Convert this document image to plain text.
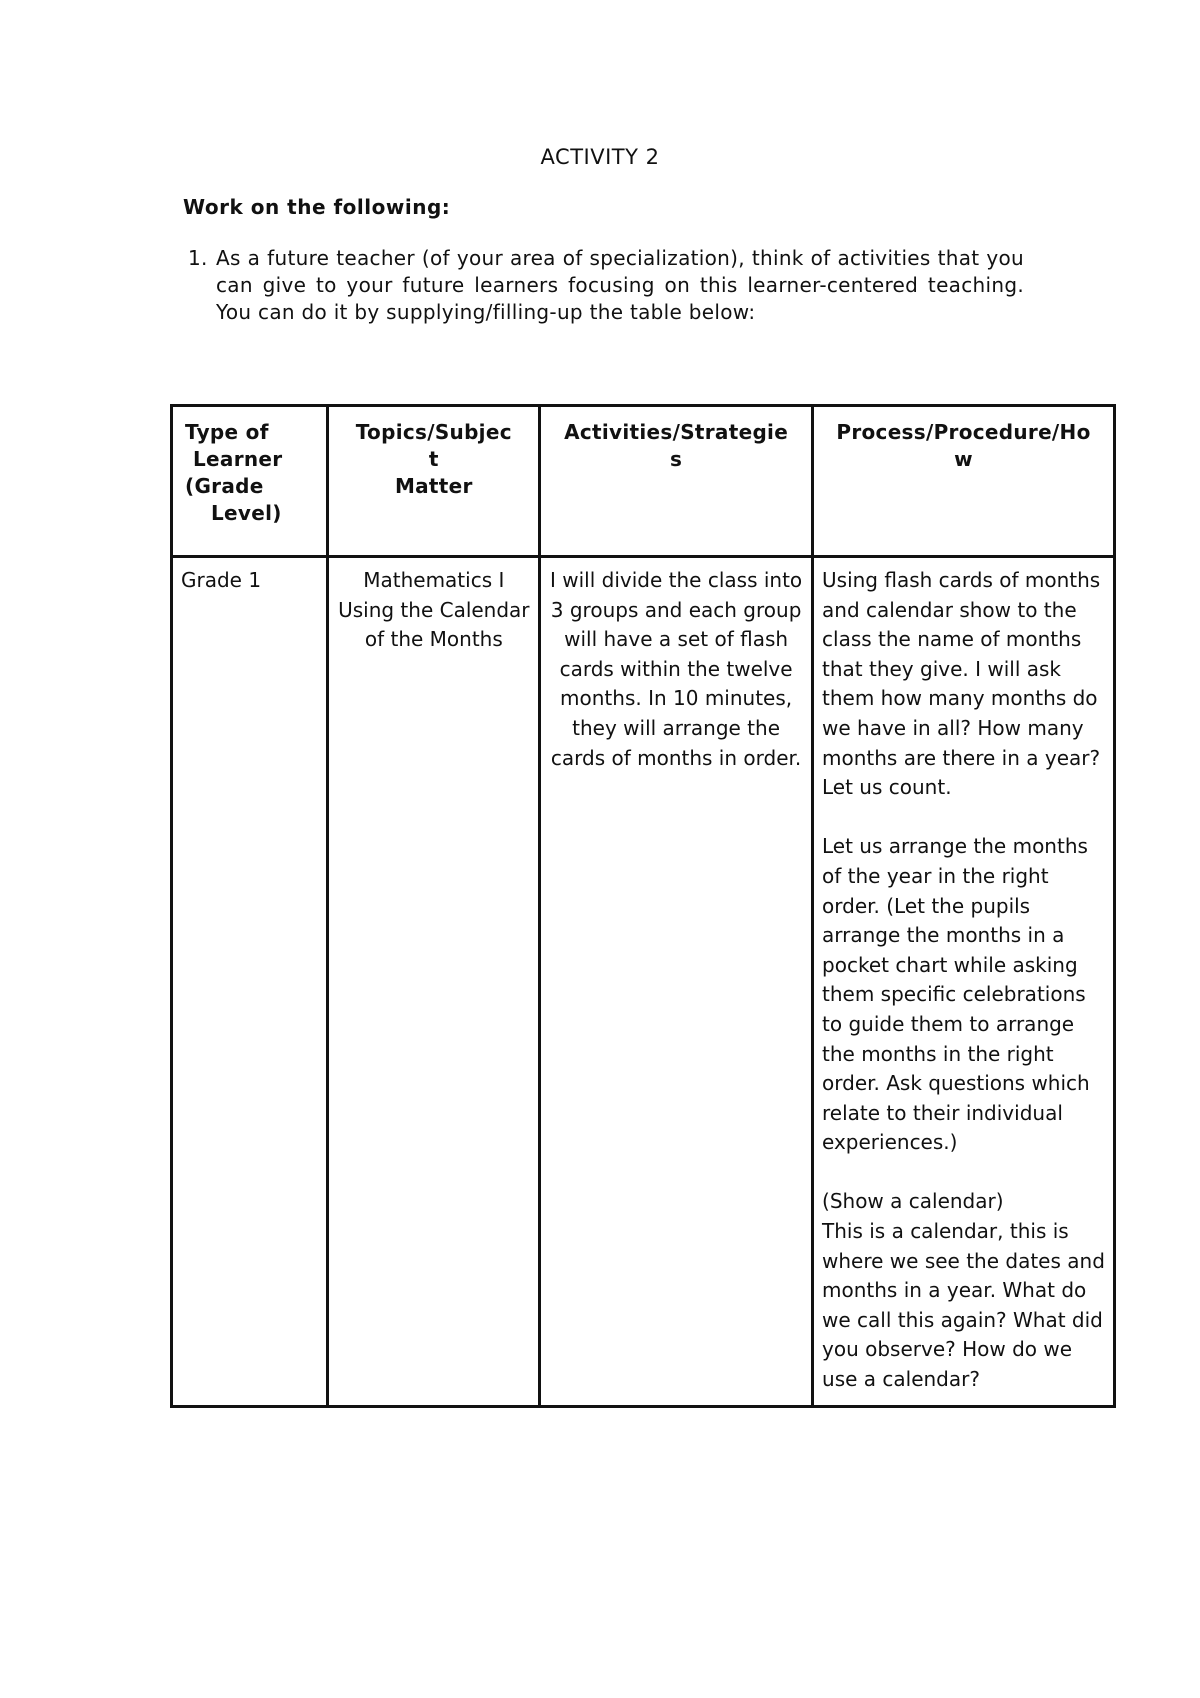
ACTIVITY 2
Work on the following:
1. As a future teacher (of your area of specialization), think of activities that you can give to your future learners focusing on this learner-centered teaching. You can do it by supplying/filling-up the table below:
Type of
Learner
(Grade
Level)	Topics/Subjec
t
Matter	Activities/Strategie
s	Process/Procedure/Ho
w

Grade 1	Mathematics I Using the Calendar of the Months	I will divide the class into 3 groups and each group will have a set of flash cards within the twelve months. In 10 minutes, they will arrange the cards of months in order.	Using flash cards of months and calendar show to the class the name of months that they give. I will ask them how many months do we have in all? How many months are there in a year? Let us count.
Let us arrange the months of the year in the right order. (Let the pupils arrange the months in a pocket chart while asking them specific celebrations to guide them to arrange the months in the right order. Ask questions which relate to their individual experiences.)
(Show a calendar)
This is a calendar, this is where we see the dates and months in a year. What do we call this again? What did you observe? How do we use a calendar?
